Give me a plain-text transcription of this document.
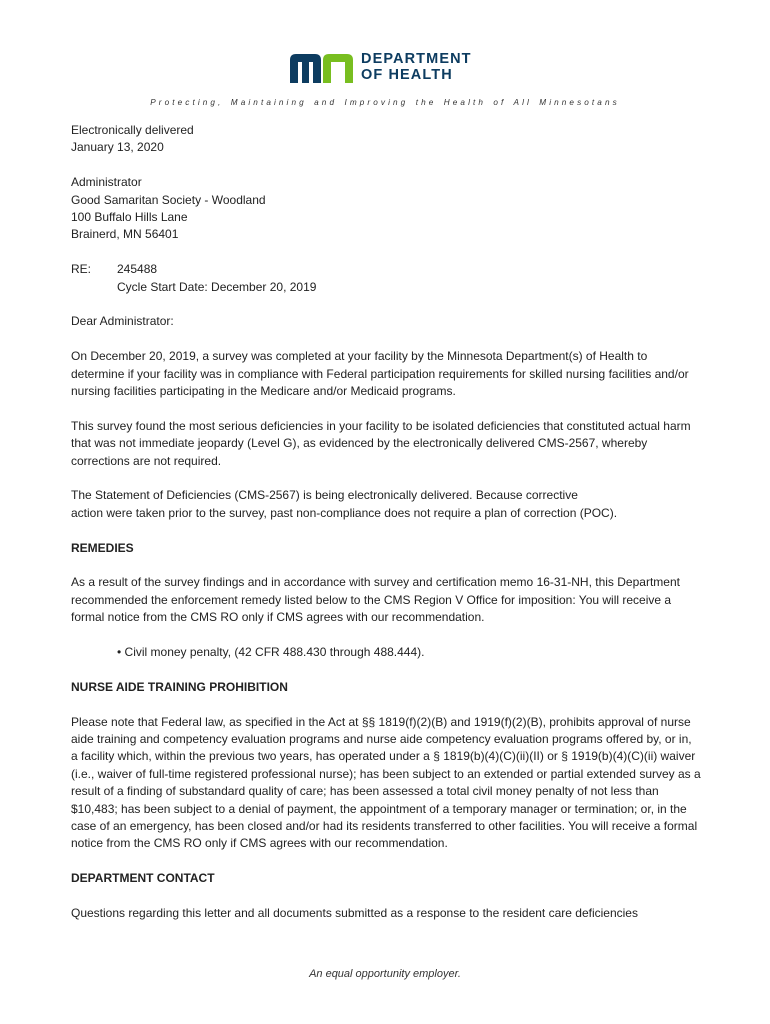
DEPARTMENT
OF HEALTH
Protecting, Maintaining and Improving the Health of All Minnesotans

Electronically delivered

January 13, 2020

Administrator

Good Samaritan Society - Woodland

100 Buffalo Hills Lane

Brainerd, MN 56401

RE:	245488

Cycle Start Date: December 20, 2019

Dear Administrator:

On December 20, 2019, a survey was completed at your facility by the Minnesota Department(s) of Health to determine if your facility was in compliance with Federal participation requirements for skilled nursing facilities and/or nursing facilities participating in the Medicare and/or Medicaid programs.

This survey found the most serious deficiencies in your facility to be isolated deficiencies that constituted actual harm that was not immediate jeopardy (Level G), as evidenced by the electronically delivered CMS-2567, whereby corrections are not required.

The Statement of Deficiencies (CMS-2567) is being electronically delivered. Because corrective

action were taken prior to the survey, past non-compliance does not require a plan of correction (POC).

REMEDIES

As a result of the survey findings and in accordance with survey and certification memo 16-31-NH, this Department recommended the enforcement remedy listed below to the CMS Region V Office for imposition: You will receive a formal notice from the CMS RO only if CMS agrees with our recommendation.

• Civil money penalty, (42 CFR 488.430 through 488.444).

NURSE AIDE TRAINING PROHIBITION

Please note that Federal law, as specified in the Act at §§ 1819(f)(2)(B) and 1919(f)(2)(B), prohibits approval of nurse aide training and competency evaluation programs and nurse aide competency evaluation programs offered by, or in, a facility which, within the previous two years, has operated under a § 1819(b)(4)(C)(ii)(II) or § 1919(b)(4)(C)(ii) waiver (i.e., waiver of full-time registered professional nurse); has been subject to an extended or partial extended survey as a result of a finding of substandard quality of care; has been assessed a total civil money penalty of not less than $10,483; has been subject to a denial of payment, the appointment of a temporary manager or termination; or, in the case of an emergency, has been closed and/or had its residents transferred to other facilities. You will receive a formal notice from the CMS RO only if CMS agrees with our recommendation.

DEPARTMENT CONTACT

Questions regarding this letter and all documents submitted as a response to the resident care deficiencies

An equal opportunity employer.
